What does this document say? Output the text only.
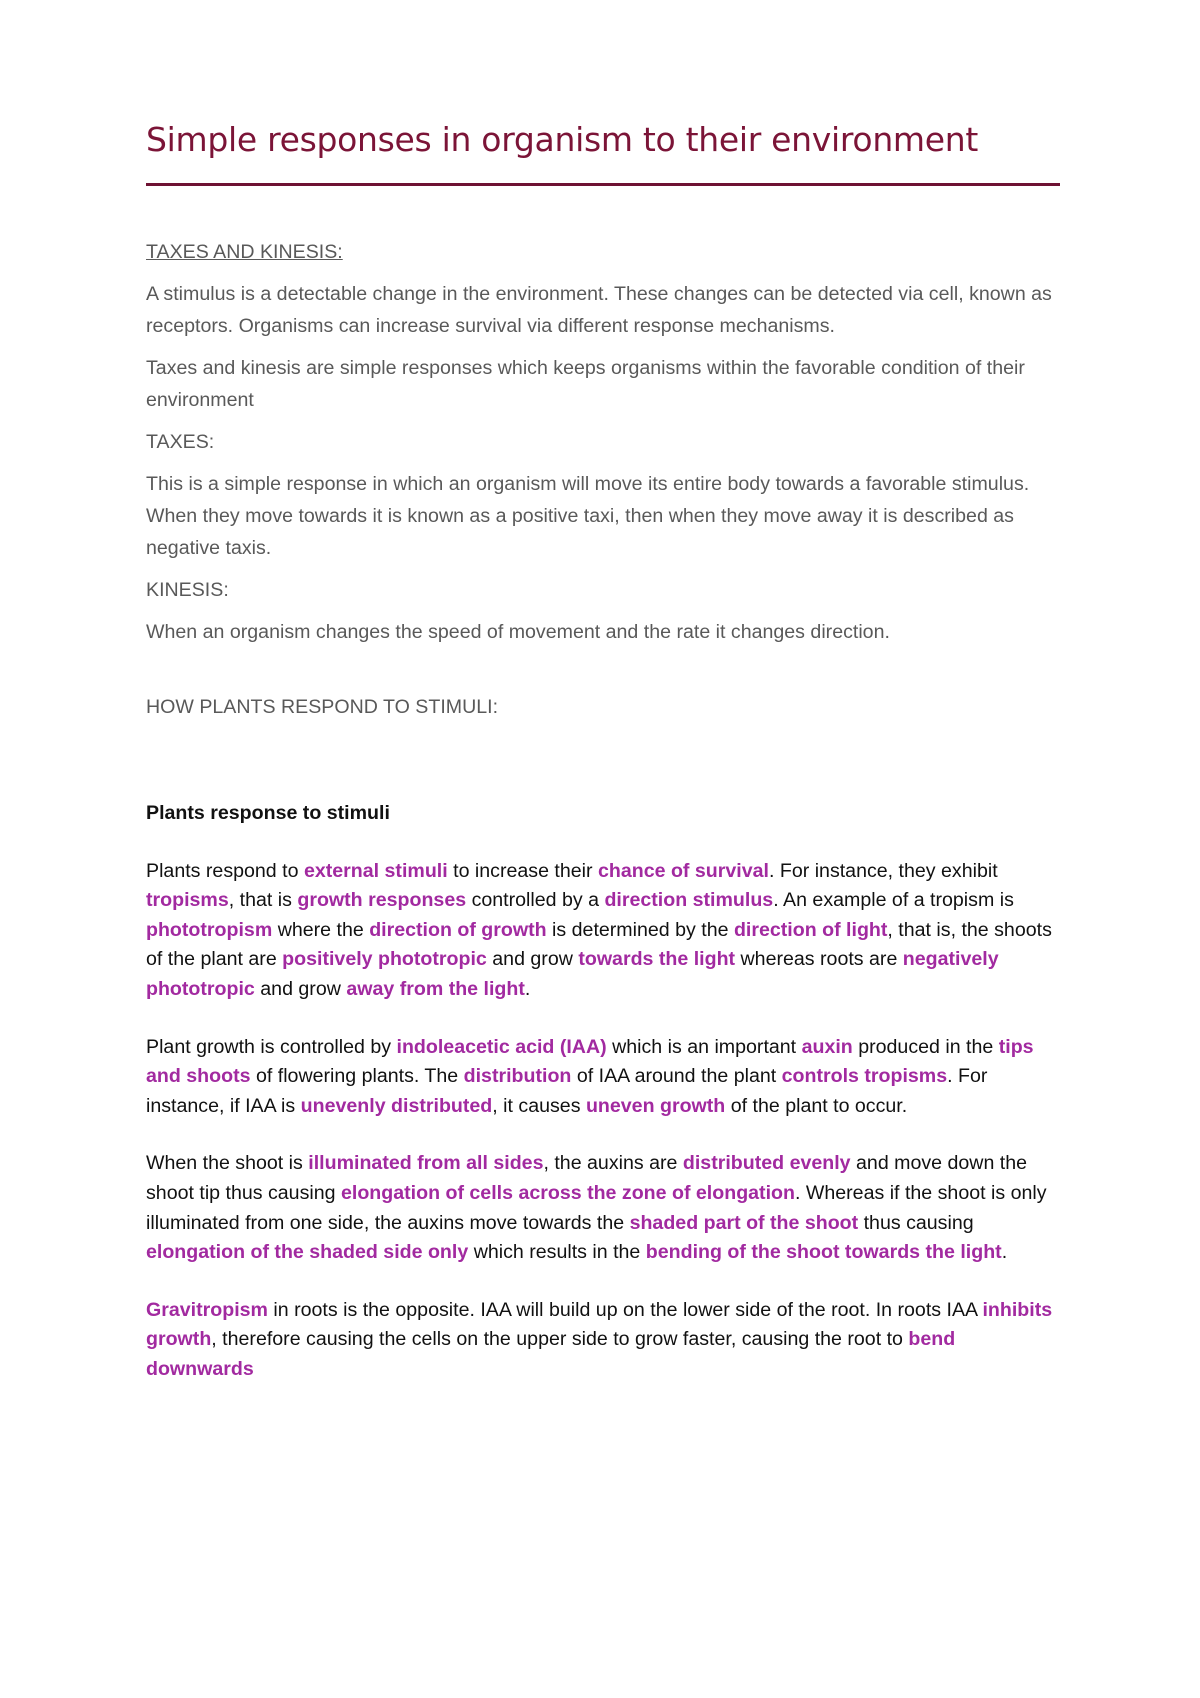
Simple responses in organism to their environment

TAXES AND KINESIS:

A stimulus is a detectable change in the environment. These changes can be detected via cell, known as receptors. Organisms can increase survival via different response mechanisms.

Taxes and kinesis are simple responses which keeps organisms within the favorable condition of their environment

TAXES:

This is a simple response in which an organism will move its entire body towards a favorable stimulus. When they move towards it is known as a positive taxi, then when they move away it is described as negative taxis.

KINESIS:

When an organism changes the speed of movement and the rate it changes direction.

HOW PLANTS RESPOND TO STIMULI:

Plants response to stimuli

Plants respond to external stimuli to increase their chance of survival. For instance, they exhibit tropisms, that is growth responses controlled by a direction stimulus. An example of a tropism is phototropism where the direction of growth is determined by the direction of light, that is, the shoots of the plant are positively phototropic and grow towards the light whereas roots are negatively phototropic and grow away from the light.

Plant growth is controlled by indoleacetic acid (IAA) which is an important auxin produced in the tips and shoots of flowering plants. The distribution of IAA around the plant controls tropisms. For instance, if IAA is unevenly distributed, it causes uneven growth of the plant to occur.

When the shoot is illuminated from all sides, the auxins are distributed evenly and move down the shoot tip thus causing elongation of cells across the zone of elongation. Whereas if the shoot is only illuminated from one side, the auxins move towards the shaded part of the shoot thus causing elongation of the shaded side only which results in the bending of the shoot towards the light.

Gravitropism in roots is the opposite. IAA will build up on the lower side of the root. In roots IAA inhibits growth, therefore causing the cells on the upper side to grow faster, causing the root to bend downwards
